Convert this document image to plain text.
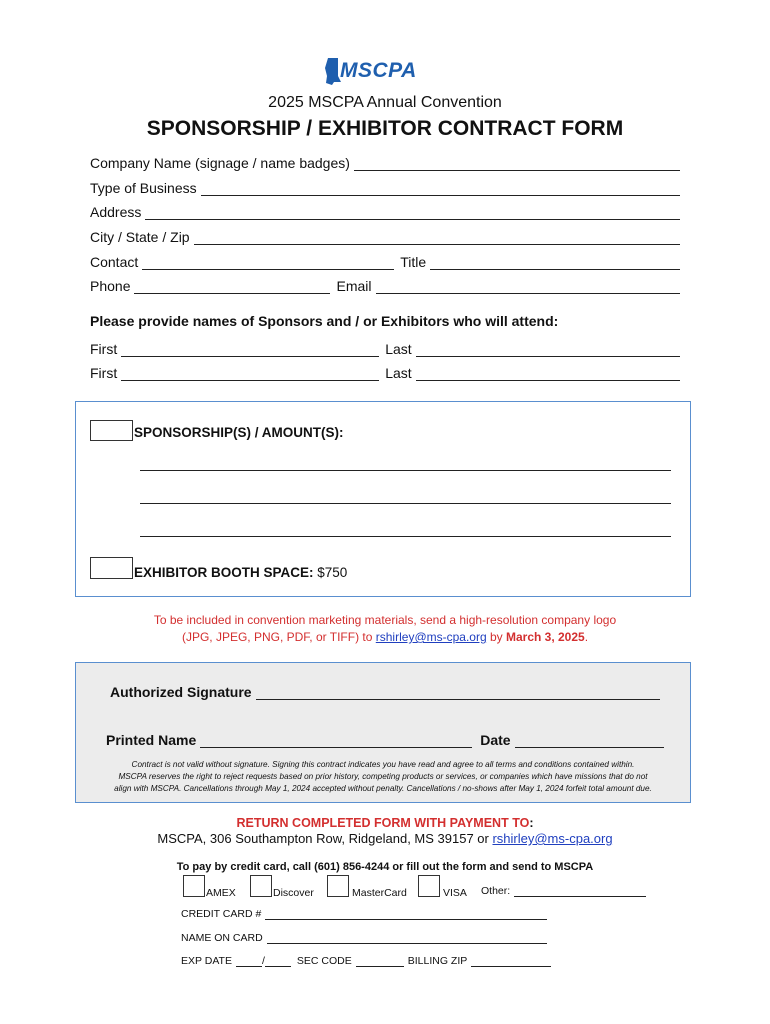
MSCPA
2025 MSCPA Annual Convention
SPONSORSHIP / EXHIBITOR CONTRACT FORM
Company Name (signage / name badges)
Type of Business
Address
City / State / Zip
Contact	Title
Phone	Email
Please provide names of Sponsors and / or Exhibitors who will attend:
First	Last
First	Last
SPONSORSHIP(S) / AMOUNT(S):
EXHIBITOR BOOTH SPACE: $750
To be included in convention marketing materials, send a high-resolution company logo
(JPG, JPEG, PNG, PDF, or TIFF) to rshirley@ms-cpa.org by March 3, 2025.
Authorized Signature
Printed Name	Date
Contract is not valid without signature. Signing this contract indicates you have read and agree to all terms and conditions contained within.
MSCPA reserves the right to reject requests based on prior history, competing products or services, or companies which have missions that do not
align with MSCPA. Cancellations through May 1, 2024 accepted without penalty. Cancellations / no-shows after May 1, 2024 forfeit total amount due.
RETURN COMPLETED FORM WITH PAYMENT TO:
MSCPA, 306 Southampton Row, Ridgeland, MS 39157 or rshirley@ms-cpa.org
To pay by credit card, call (601) 856-4244 or fill out the form and send to MSCPA
AMEX	Discover	MasterCard	VISA Other:
CREDIT CARD #
NAME ON CARD
EXP DATE	/	SEC CODE	BILLING ZIP
